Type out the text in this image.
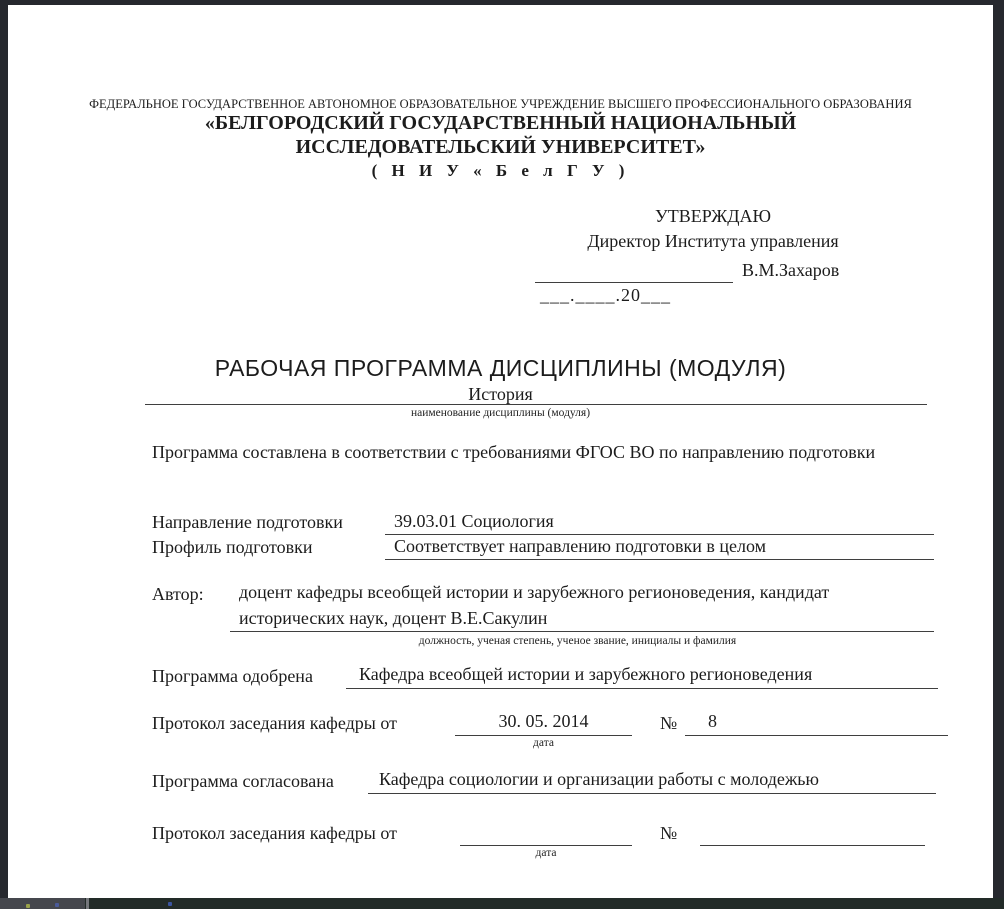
ФЕДЕРАЛЬНОЕ ГОСУДАРСТВЕННОЕ АВТОНОМНОЕ ОБРАЗОВАТЕЛЬНОЕ УЧРЕЖДЕНИЕ ВЫСШЕГО ПРОФЕССИОНАЛЬНОГО ОБРАЗОВАНИЯ
«БЕЛГОРОДСКИЙ ГОСУДАРСТВЕННЫЙ НАЦИОНАЛЬНЫЙ
ИССЛЕДОВАТЕЛЬСКИЙ УНИВЕРСИТЕТ»
( Н И У « Б е л Г У )
УТВЕРЖДАЮ
Директор Института управления
В.М.Захаров
___.____.20___
РАБОЧАЯ ПРОГРАММА ДИСЦИПЛИНЫ (МОДУЛЯ)
История
наименование дисциплины (модуля)
Программа составлена в соответствии с требованиями ФГОС ВО по направлению подготовки
Направление подготовки	39.03.01 Социология
Профиль подготовки	Соответствует направлению подготовки в целом
Автор:	доцент кафедры всеобщей истории и зарубежного регионоведения, кандидат исторических наук, доцент В.Е.Сакулин
должность, ученая степень, ученое звание, инициалы и фамилия
Программа одобрена	Кафедра всеобщей истории и зарубежного регионоведения
Протокол заседания кафедры от	30. 05. 2014	№	8
дата
Программа согласована	Кафедра социологии и организации работы с молодежью
Протокол заседания кафедры от	№
дата
